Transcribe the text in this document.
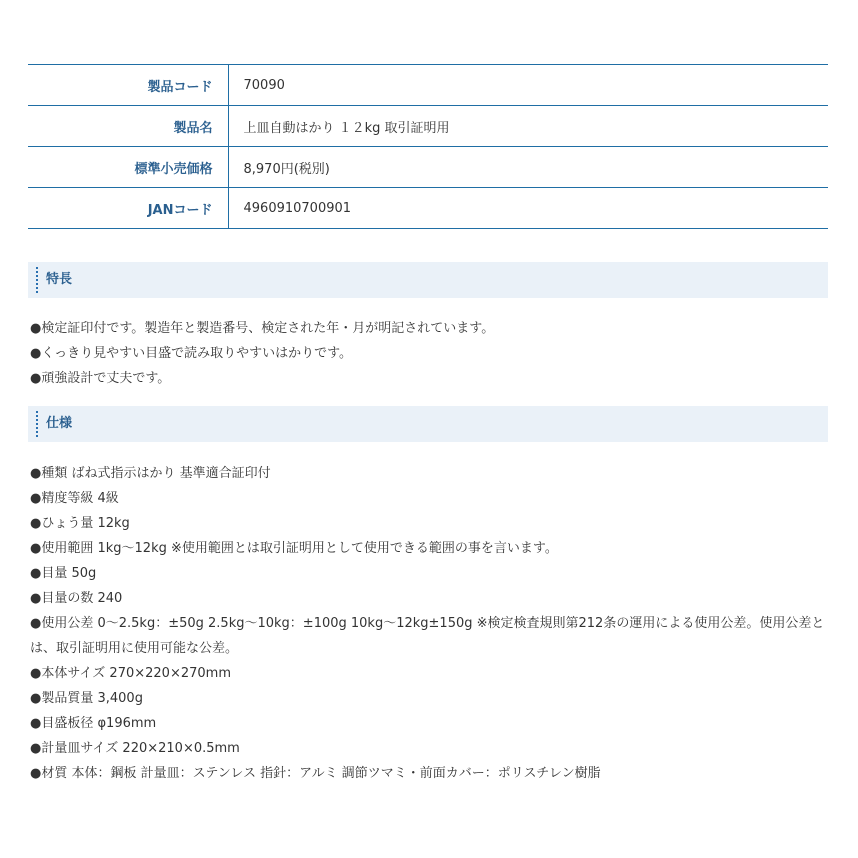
製品コード	70090
製品名	上皿自動はかり １２kg 取引証明用
標準小売価格	8,970円(税別)
JANコード	4960910700901
特長
●検定証印付です。製造年と製造番号、検定された年・月が明記されています。
●くっきり見やすい目盛で読み取りやすいはかりです。
●頑強設計で丈夫です。
仕様
●種類 ばね式指示はかり 基準適合証印付
●精度等級 4級
●ひょう量 12kg
●使用範囲 1kg〜12kg ※使用範囲とは取引証明用として使用できる範囲の事を言います。
●目量 50g
●目量の数 240
●使用公差 0〜2.5kg：±50g 2.5kg〜10kg：±100g 10kg〜12kg±150g ※検定検査規則第212条の運用による使用公差。使用公差とは、取引証明用に使用可能な公差。
●本体サイズ 270×220×270mm
●製品質量 3,400g
●目盛板径 φ196mm
●計量皿サイズ 220×210×0.5mm
●材質 本体：鋼板 計量皿：ステンレス 指針：アルミ 調節ツマミ・前面カバー：ポリスチレン樹脂
